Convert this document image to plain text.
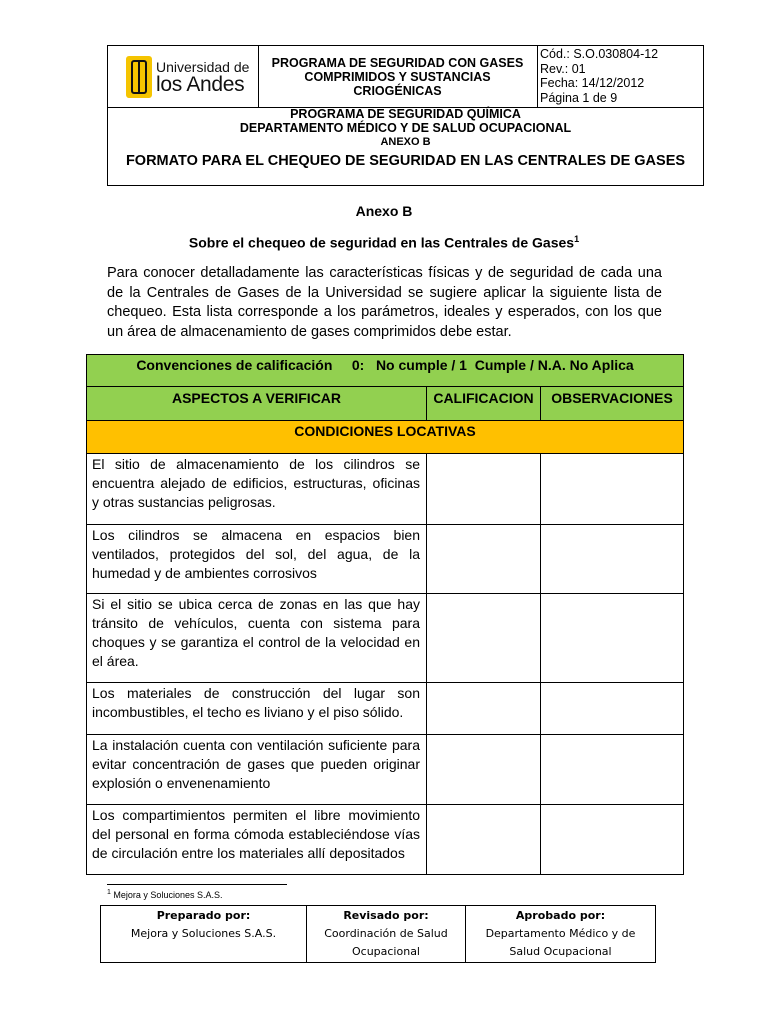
Universidad de
los Andes
PROGRAMA DE SEGURIDAD CON GASES COMPRIMIDOS Y SUSTANCIAS CRIOGÉNICAS
Cód.: S.O.030804-12
Rev.: 01
Fecha: 14/12/2012
Página 1 de 9
PROGRAMA DE SEGURIDAD QUÍMICA
DEPARTAMENTO MÉDICO Y DE SALUD OCUPACIONAL
ANEXO B
FORMATO PARA EL CHEQUEO DE SEGURIDAD EN LAS CENTRALES DE GASES
Anexo B
Sobre el chequeo de seguridad en las Centrales de Gases$^1$
Para conocer detalladamente las características físicas y de seguridad de cada una de la Centrales de Gases de la Universidad se sugiere aplicar la siguiente lista de chequeo. Esta lista corresponde a los parámetros, ideales y esperados, con los que un área de almacenamiento de gases comprimidos debe estar.
Convenciones de calificación     0:   No cumple / 1  Cumple / N.A. No Aplica		
ASPECTOS A VERIFICAR	CALIFICACION	OBSERVACIONES
CONDICIONES LOCATIVAS		
El sitio de almacenamiento de los cilindros se encuentra alejado de edificios, estructuras, oficinas y otras sustancias peligrosas.		
Los cilindros se almacena en espacios bien ventilados, protegidos del sol, del agua, de la humedad y de ambientes corrosivos		
Si el sitio se ubica cerca de zonas en las que hay tránsito de vehículos, cuenta con sistema para choques y se garantiza el control de la velocidad en el área.		
Los materiales de construcción del lugar son incombustibles, el techo es liviano y el piso sólido.		
La instalación cuenta con ventilación suficiente para evitar concentración de gases que pueden originar explosión o envenenamiento		
Los compartimientos permiten el libre movimiento del personal en forma cómoda estableciéndose vías de circulación entre los materiales allí depositados		
$^1$ Mejora y Soluciones S.A.S.
Preparado por:
Mejora y Soluciones S.A.S.	
Revisado por:
Coordinación de Salud Ocupacional	
Aprobado por:
Departamento Médico y de Salud Ocupacional
